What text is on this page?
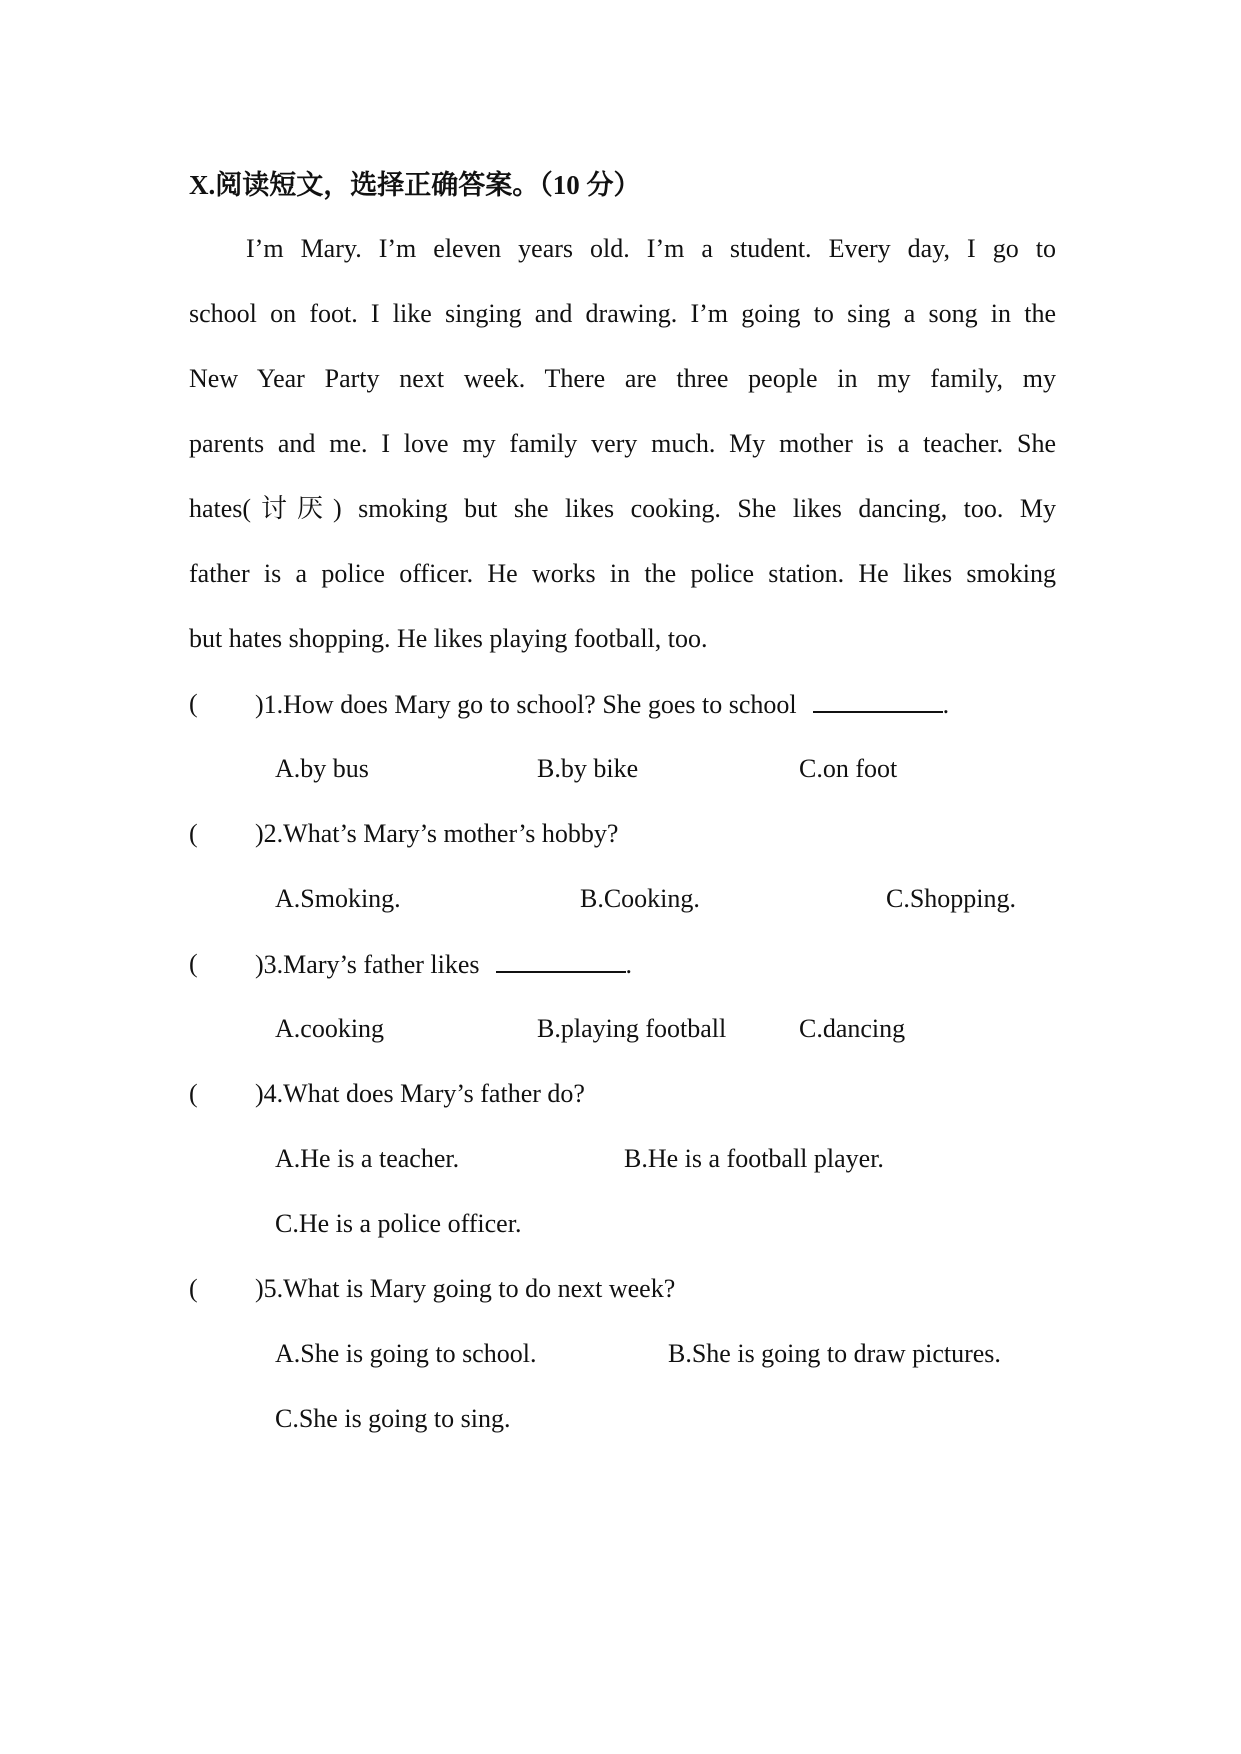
X.阅读短文，选择正确答案。（10 分）
I’m Mary. I’m eleven years old. I’m a student. Every day, I go to
school on foot. I like singing and drawing. I’m going to sing a song in the
New Year Party next week. There are three people in my family, my
parents and me. I love my family very much. My mother is a teacher. She
hates(讨厌) smoking but she likes cooking. She likes dancing, too. My
father is a police officer. He works in the police station. He likes smoking
but hates shopping. He likes playing football, too.
( )1.How does Mary go to school? She goes to school	.
A.by bus	B.by bike	C.on foot
( )2.What’s Mary’s mother’s hobby?
A.Smoking.	B.Cooking.	C.Shopping.
( )3.Mary’s father likes	.
A.cooking	B.playing football	C.dancing
( )4.What does Mary’s father do?
A.He is a teacher.	B.He is a football player.
C.He is a police officer.
( )5.What is Mary going to do next week?
A.She is going to school.	B.She is going to draw pictures.
C.She is going to sing.
